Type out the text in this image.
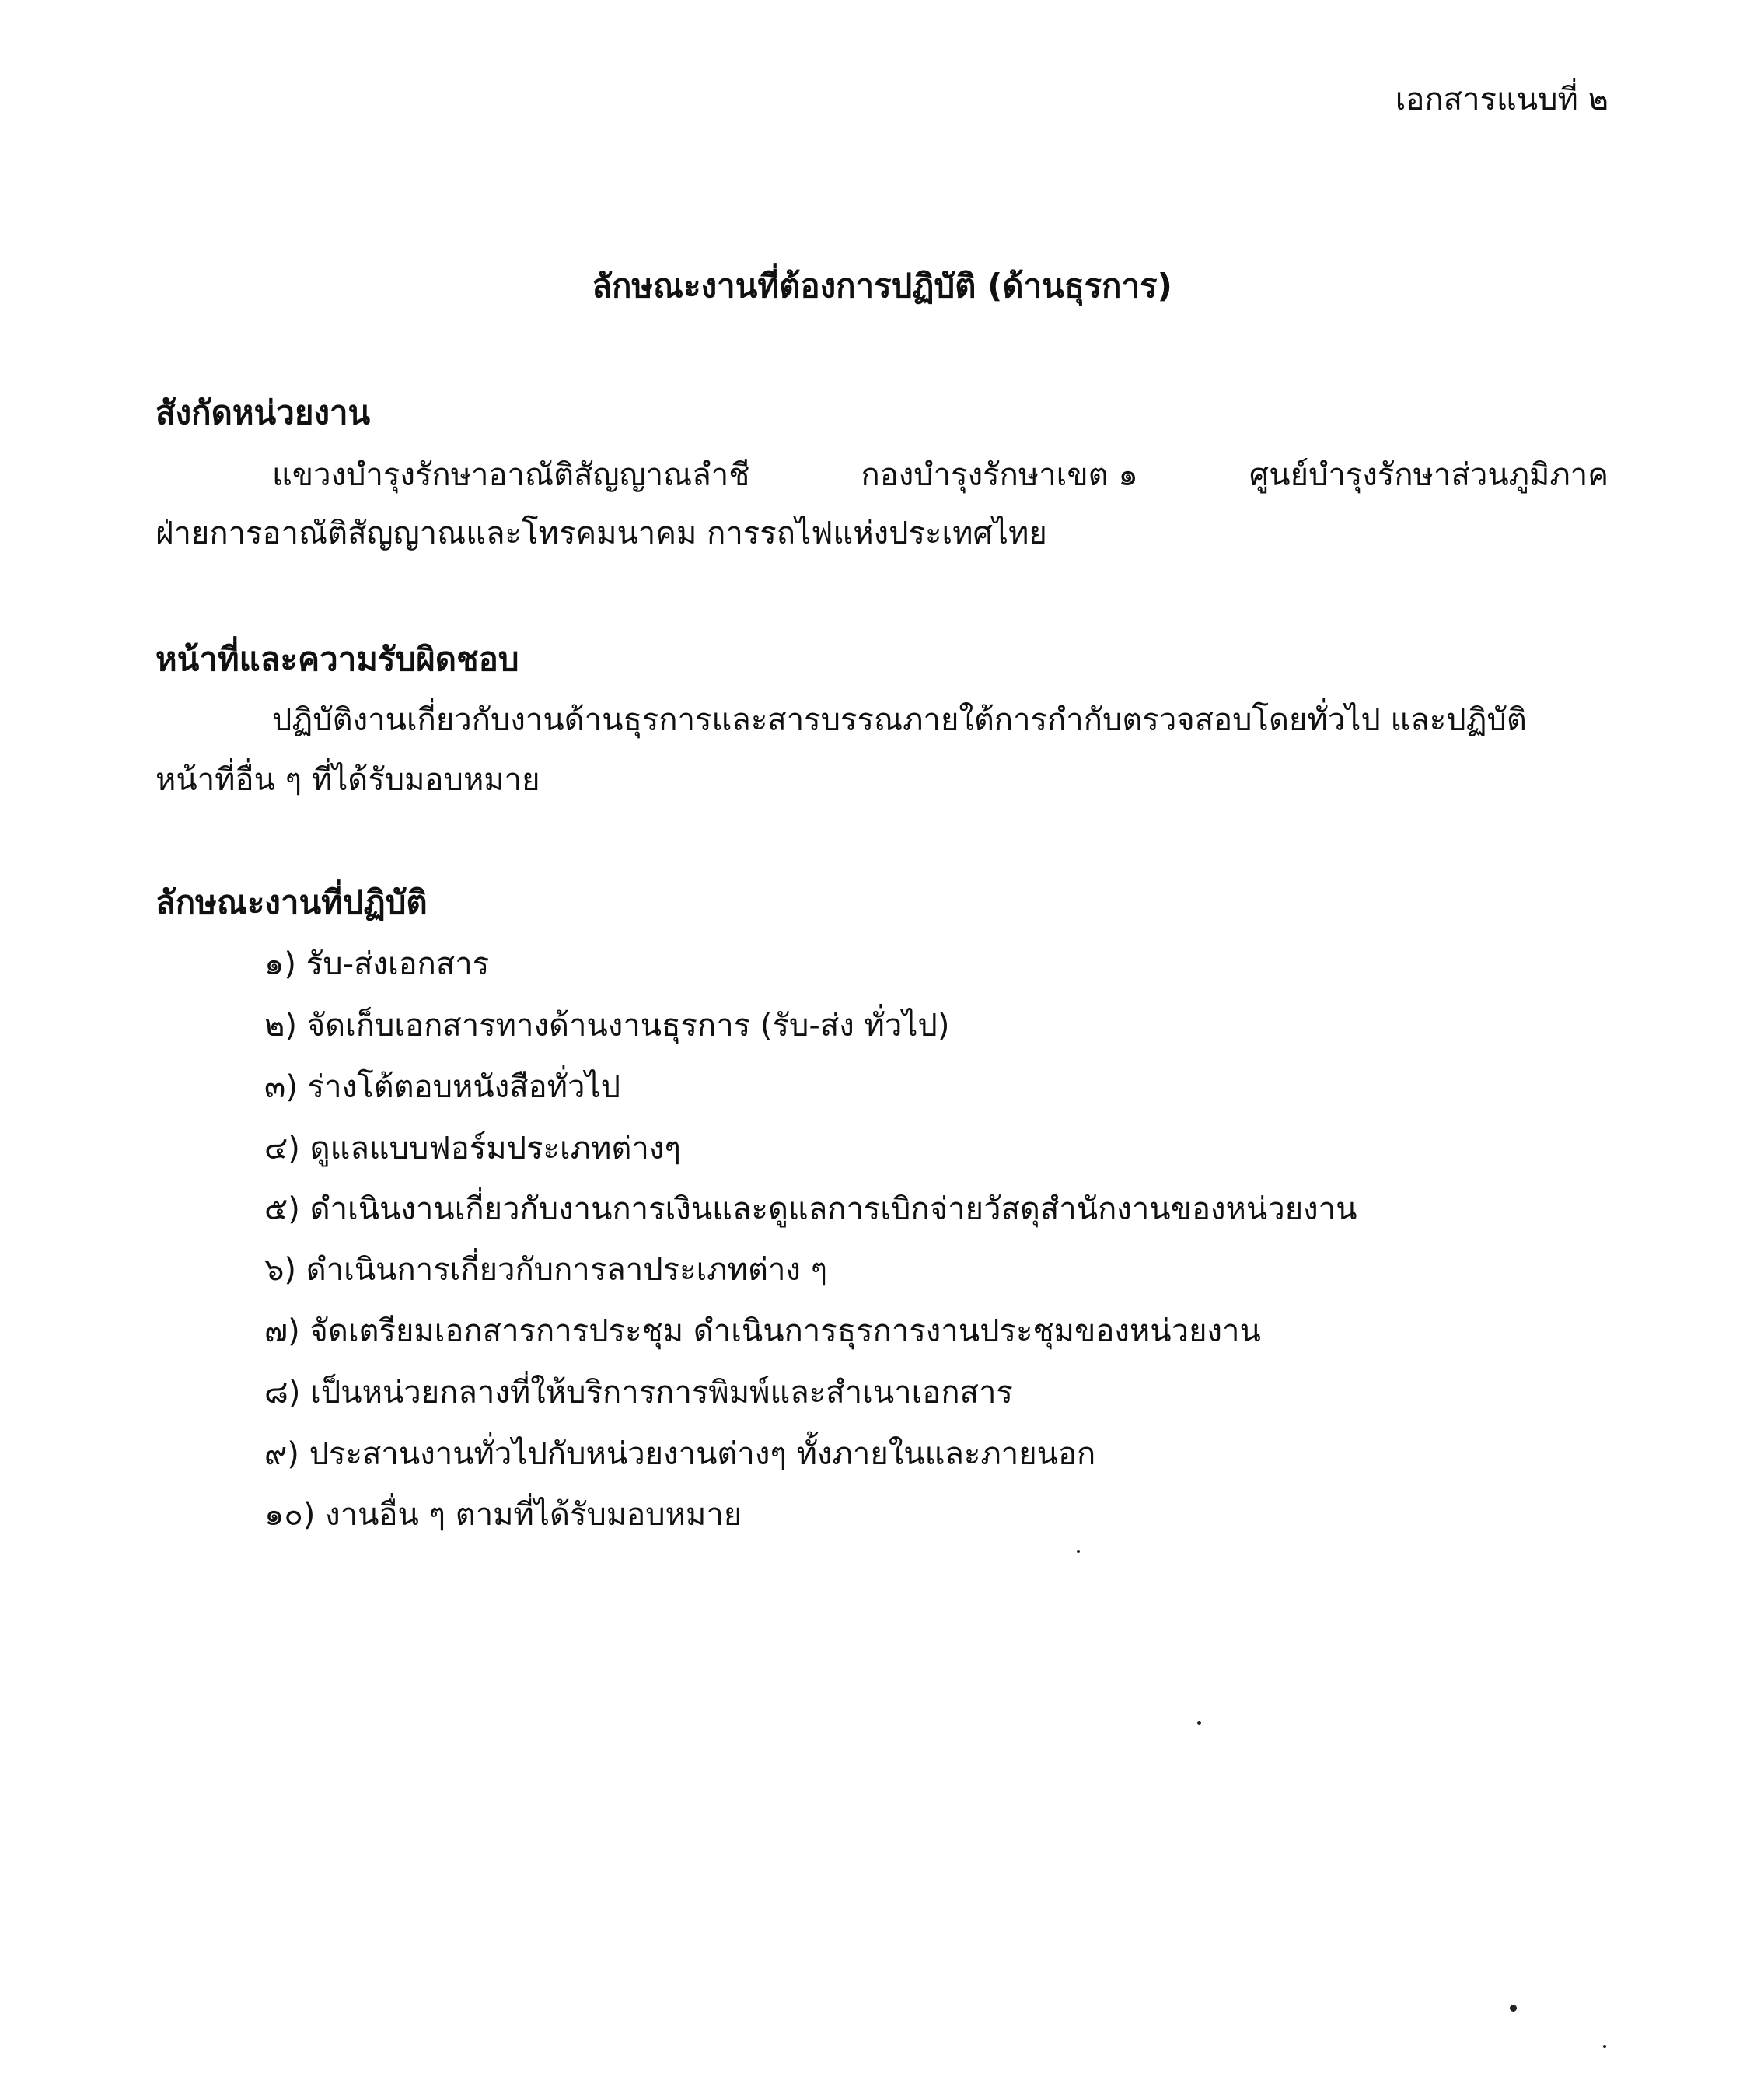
เอกสารแนบที่ ๒
ลักษณะงานที่ต้องการปฏิบัติ (ด้านธุรการ)
สังกัดหน่วยงาน
แขวงบำรุงรักษาอาณัติสัญญาณลำชี	กองบำรุงรักษาเขต ๑	ศูนย์บำรุงรักษาส่วนภูมิภาค
ฝ่ายการอาณัติสัญญาณและโทรคมนาคม การรถไฟแห่งประเทศไทย
หน้าที่และความรับผิดชอบ
ปฏิบัติงานเกี่ยวกับงานด้านธุรการและสารบรรณภายใต้การกำกับตรวจสอบโดยทั่วไป และปฏิบัติ
หน้าที่อื่น ๆ ที่ได้รับมอบหมาย
ลักษณะงานที่ปฏิบัติ
๑) รับ-ส่งเอกสาร
๒) จัดเก็บเอกสารทางด้านงานธุรการ (รับ-ส่ง ทั่วไป)
๓) ร่างโต้ตอบหนังสือทั่วไป
๔) ดูแลแบบฟอร์มประเภทต่างๆ
๕) ดำเนินงานเกี่ยวกับงานการเงินและดูแลการเบิกจ่ายวัสดุสำนักงานของหน่วยงาน
๖) ดำเนินการเกี่ยวกับการลาประเภทต่าง ๆ
๗) จัดเตรียมเอกสารการประชุม ดำเนินการธุรการงานประชุมของหน่วยงาน
๘) เป็นหน่วยกลางที่ให้บริการการพิมพ์และสำเนาเอกสาร
๙) ประสานงานทั่วไปกับหน่วยงานต่างๆ ทั้งภายในและภายนอก
๑๐) งานอื่น ๆ ตามที่ได้รับมอบหมาย
